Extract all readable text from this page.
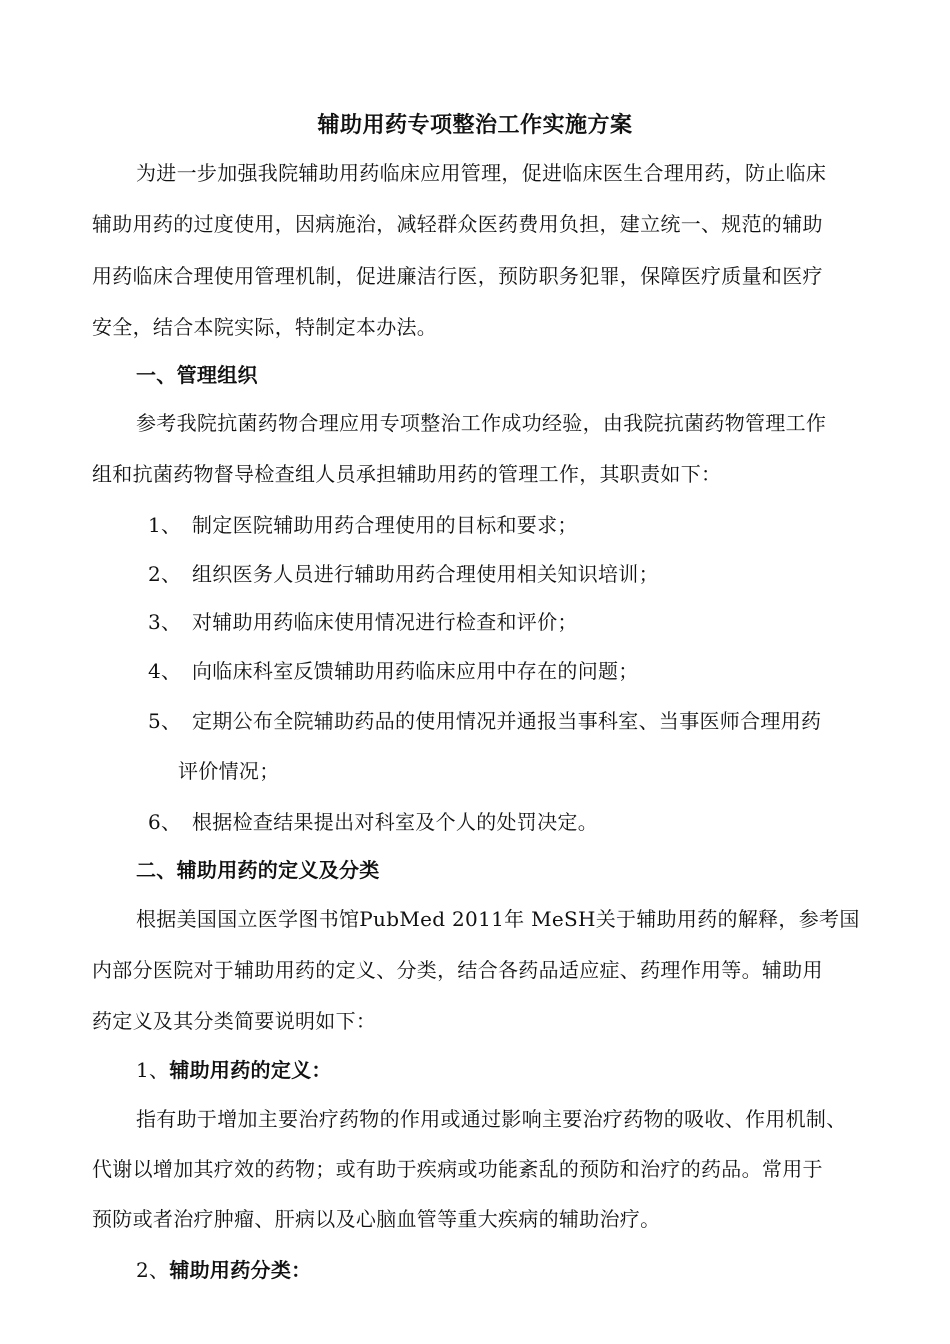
辅助用药专项整治工作实施方案
为进一步加强我院辅助用药临床应用管理，促进临床医生合理用药，防止临床
辅助用药的过度使用，因病施治，减轻群众医药费用负担，建立统一、规范的辅助
用药临床合理使用管理机制，促进廉洁行医，预防职务犯罪，保障医疗质量和医疗
安全，结合本院实际，特制定本办法。
一、管理组织
参考我院抗菌药物合理应用专项整治工作成功经验，由我院抗菌药物管理工作
组和抗菌药物督导检查组人员承担辅助用药的管理工作，其职责如下：
1、 制定医院辅助用药合理使用的目标和要求；
2、 组织医务人员进行辅助用药合理使用相关知识培训；
3、 对辅助用药临床使用情况进行检查和评价；
4、 向临床科室反馈辅助用药临床应用中存在的问题；
5、 定期公布全院辅助药品的使用情况并通报当事科室、当事医师合理用药
评价情况；
6、 根据检查结果提出对科室及个人的处罚决定。
二、辅助用药的定义及分类
根据美国国立医学图书馆PubMed 2011年 MeSH关于辅助用药的解释，参考国
内部分医院对于辅助用药的定义、分类，结合各药品适应症、药理作用等。辅助用
药定义及其分类简要说明如下：
1、辅助用药的定义：
指有助于增加主要治疗药物的作用或通过影响主要治疗药物的吸收、作用机制、
代谢以增加其疗效的药物；或有助于疾病或功能紊乱的预防和治疗的药品。常用于
预防或者治疗肿瘤、肝病以及心脑血管等重大疾病的辅助治疗。
2、辅助用药分类：
